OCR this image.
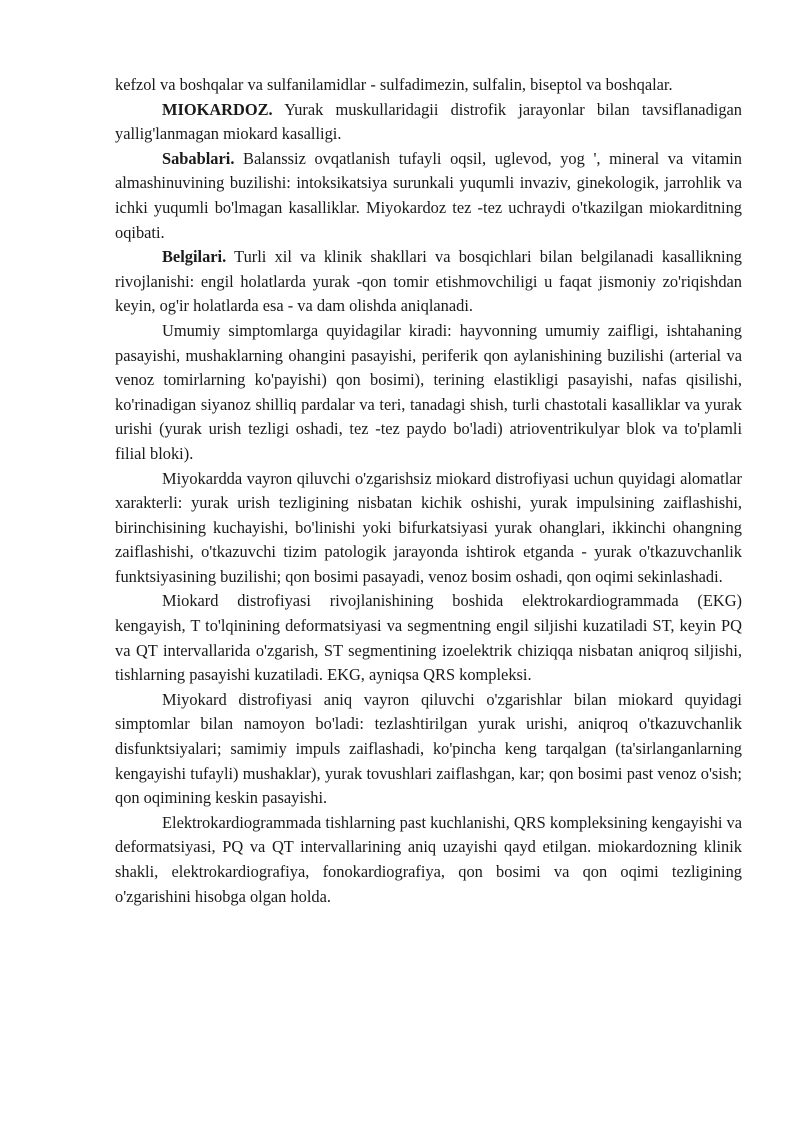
kefzol va boshqalar va sulfanilamidlar - sulfadimezin, sulfalin, biseptol va boshqalar.

MIOKARDOZ. Yurak muskullaridagii distrofik jarayonlar bilan tavsiflanadigan yallig'lanmagan miokard kasalligi.

Sabablari. Balanssiz ovqatlanish tufayli oqsil, uglevod, yog ', mineral va vitamin almashinuvining buzilishi: intoksikatsiya surunkali yuqumli invaziv, ginekologik, jarrohlik va ichki yuqumli bo'lmagan kasalliklar. Miyokardoz tez -tez uchraydi o'tkazilgan miokarditning oqibati.

Belgilari. Turli xil va klinik shakllari va bosqichlari bilan belgilanadi kasallikning rivojlanishi: engil holatlarda yurak -qon tomir etishmovchiligi u faqat jismoniy zo'riqishdan keyin, og'ir holatlarda esa - va dam olishda aniqlanadi.

Umumiy simptomlarga quyidagilar kiradi: hayvonning umumiy zaifligi, ishtahaning pasayishi, mushaklarning ohangini pasayishi, periferik qon aylanishining buzilishi (arterial va venoz tomirlarning ko'payishi) qon bosimi), terining elastikligi pasayishi, nafas qisilishi, ko'rinadigan siyanoz shilliq pardalar va teri, tanadagi shish, turli chastotali kasalliklar va yurak urishi (yurak urish tezligi oshadi, tez -tez paydo bo'ladi) atrioventrikulyar blok va to'plamli filial bloki).

Miyokardda vayron qiluvchi o'zgarishsiz miokard distrofiyasi uchun quyidagi alomatlar xarakterli: yurak urish tezligining nisbatan kichik oshishi, yurak impulsining zaiflashishi, birinchisining kuchayishi, bo'linishi yoki bifurkatsiyasi yurak ohanglari, ikkinchi ohangning zaiflashishi, o'tkazuvchi tizim patologik jarayonda ishtirok etganda - yurak o'tkazuvchanlik funktsiyasining buzilishi; qon bosimi pasayadi, venoz bosim oshadi, qon oqimi sekinlashadi.

Miokard distrofiyasi rivojlanishining boshida elektrokardiogrammada (EKG) kengayish, T to'lqinining deformatsiyasi va segmentning engil siljishi kuzatiladi ST, keyin PQ va QT intervallarida o'zgarish, ST segmentining izoelektrik chiziqqa nisbatan aniqroq siljishi, tishlarning pasayishi kuzatiladi. EKG, ayniqsa QRS kompleksi.

Miyokard distrofiyasi aniq vayron qiluvchi o'zgarishlar bilan miokard quyidagi simptomlar bilan namoyon bo'ladi: tezlashtirilgan yurak urishi, aniqroq o'tkazuvchanlik disfunktsiyalari; samimiy impuls zaiflashadi, ko'pincha keng tarqalgan (ta'sirlanganlarning kengayishi tufayli) mushaklar), yurak tovushlari zaiflashgan, kar; qon bosimi past venoz o'sish; qon oqimining keskin pasayishi.

Elektrokardiogrammada tishlarning past kuchlanishi, QRS kompleksining kengayishi va deformatsiyasi, PQ va QT intervallarining aniq uzayishi qayd etilgan. miokardozning klinik shakli, elektrokardiografiya, fonokardiografiya, qon bosimi va qon oqimi tezligining o'zgarishini hisobga olgan holda.
